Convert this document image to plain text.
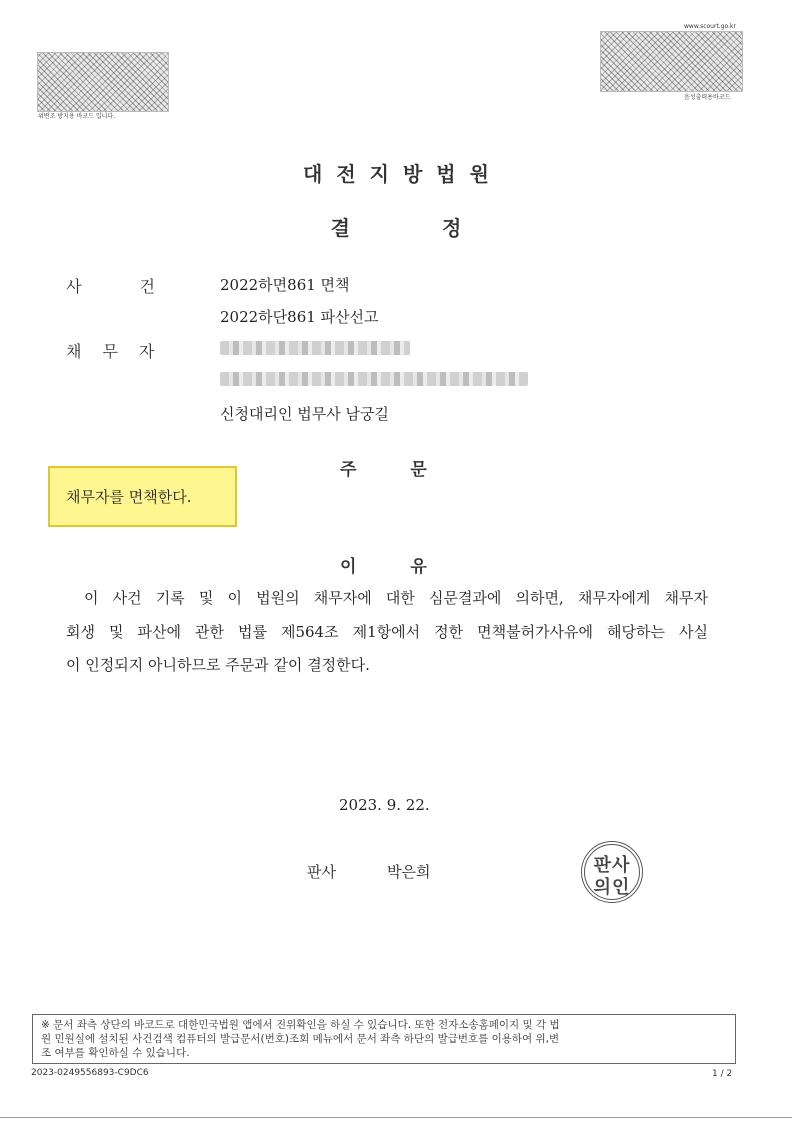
위변조 방지용 바코드 입니다.
www.scourt.go.kr
음성출력용바코드
대전지방법원
결정
사건 2022하면861 면책
2022하단861 파산선고
채무자
신청대리인 법무사 남궁길
주문
채무자를 면책한다.
이유
이 사건 기록 및 이 법원의 채무자에 대한 심문결과에 의하면, 채무자에게 채무자
회생 및 파산에 관한 법률 제564조 제1항에서 정한 면책불허가사유에 해당하는 사실
이 인정되지 아니하므로 주문과 같이 결정한다.
2023. 9. 22.
판사	박은희	판사
의인
※ 문서 좌측 상단의 바코드로 대한민국법원 앱에서 진위확인을 하실 수 있습니다. 또한 전자소송홈페이지 및 각 법
원 민원실에 설치된 사건검색 컴퓨터의 발급문서(번호)조회 메뉴에서 문서 좌측 하단의 발급번호를 이용하여 위,변
조 여부를 확인하실 수 있습니다.
2023-0249556893-C9DC6	1 / 2
